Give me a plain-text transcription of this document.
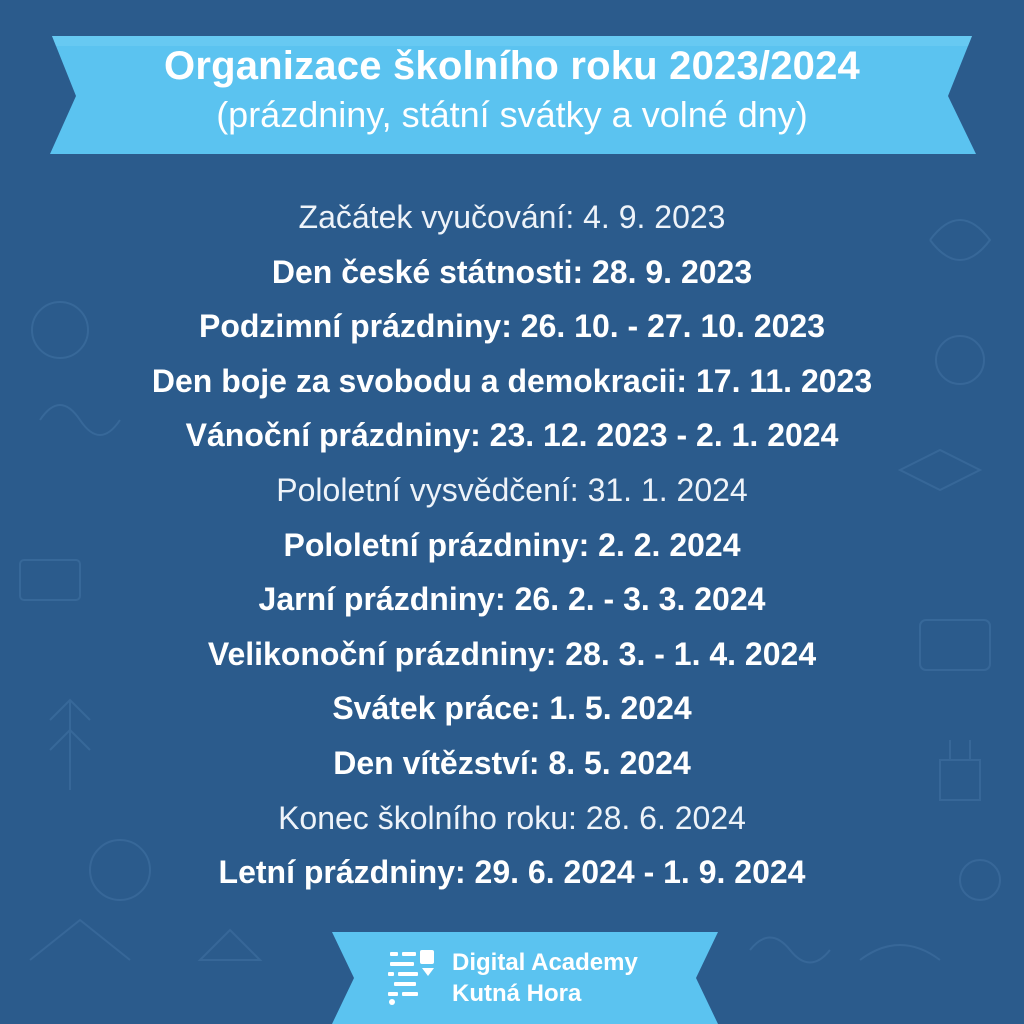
Organizace školního roku 2023/2024
(prázdniny, státní svátky a volné dny)
Začátek vyučování: 4. 9. 2023
Den české státnosti: 28. 9. 2023
Podzimní prázdniny: 26. 10. - 27. 10. 2023
Den boje za svobodu a demokracii: 17. 11. 2023
Vánoční prázdniny: 23. 12. 2023 - 2. 1. 2024
Pololetní vysvědčení: 31. 1. 2024
Pololetní prázdniny: 2. 2. 2024
Jarní prázdniny: 26. 2. - 3. 3. 2024
Velikonoční prázdniny: 28. 3. - 1. 4. 2024
Svátek práce: 1. 5. 2024
Den vítězství: 8. 5. 2024
Konec školního roku: 28. 6. 2024
Letní prázdniny: 29. 6. 2024 - 1. 9. 2024
Digital Academy
Kutná Hora
